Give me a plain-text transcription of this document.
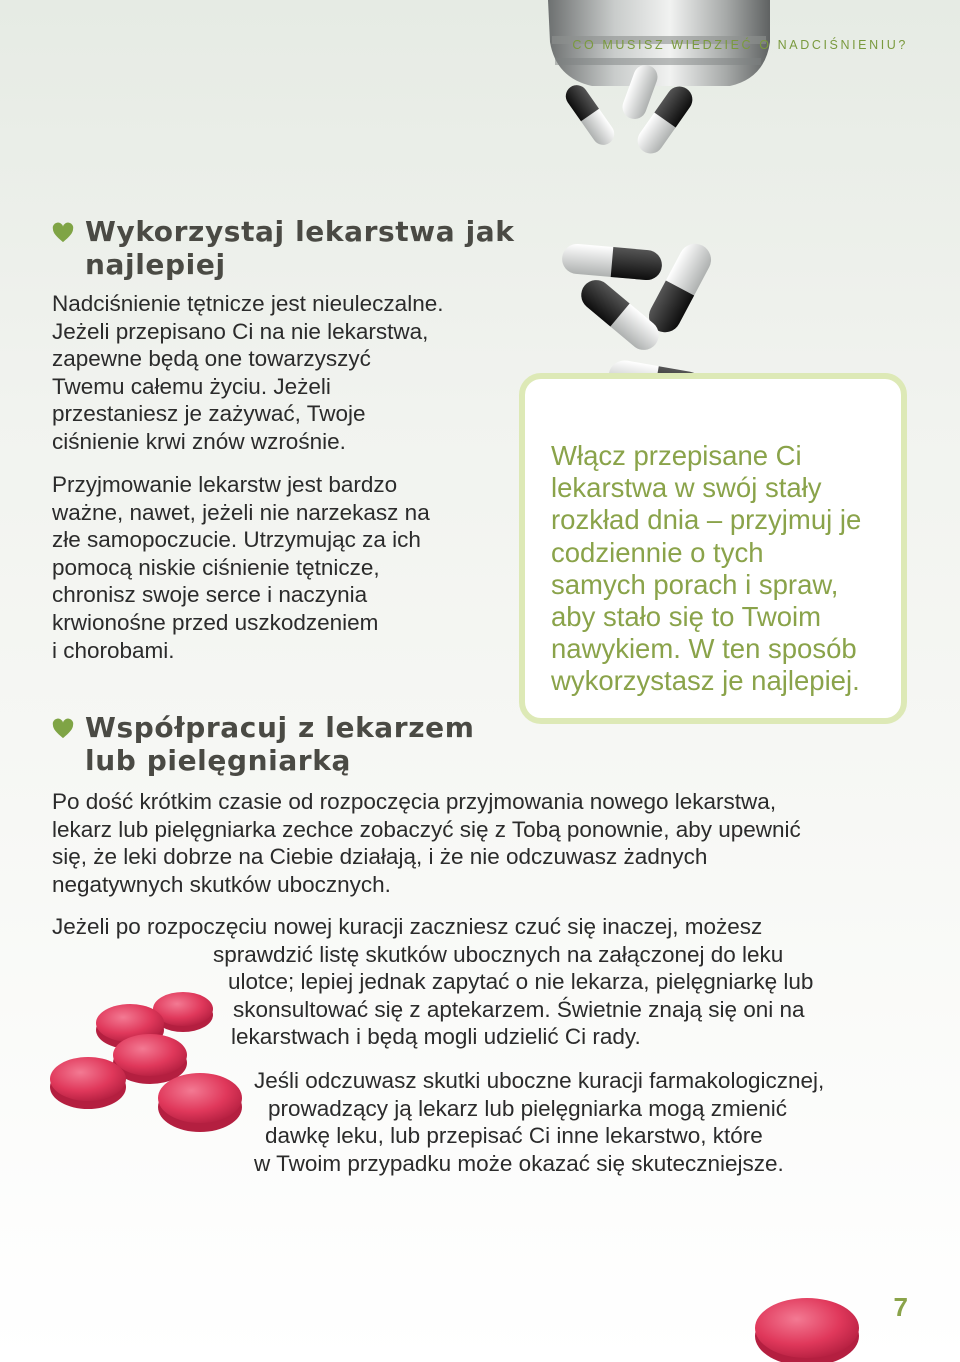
CO MUSISZ WIEDZIEĆ O NADCIŚNIENIU?
Wykorzystaj lekarstwa jak
najlepiej
Nadciśnienie tętnicze jest nieuleczalne.
Jeżeli przepisano Ci na nie lekarstwa,
zapewne będą one towarzyszyć
Twemu całemu życiu. Jeżeli
przestaniesz je zażywać, Twoje
ciśnienie krwi znów wzrośnie.
Przyjmowanie lekarstw jest bardzo
ważne, nawet, jeżeli nie narzekasz na
złe samopoczucie. Utrzymując za ich
pomocą niskie ciśnienie tętnicze,
chronisz swoje serce i naczynia
krwionośne przed uszkodzeniem
i chorobami.
Włącz przepisane Ci
lekarstwa w swój stały
rozkład dnia – przyjmuj je
codziennie o tych
samych porach i spraw,
aby stało się to Twoim
nawykiem. W ten sposób
wykorzystasz je najlepiej.
Współpracuj z lekarzem
lub pielęgniarką
Po dość krótkim czasie od rozpoczęcia przyjmowania nowego lekarstwa,
lekarz lub pielęgniarka zechce zobaczyć się z Tobą ponownie, aby upewnić
się, że leki dobrze na Ciebie działają, i że nie odczuwasz żadnych
negatywnych skutków ubocznych.
Jeżeli po rozpoczęciu nowej kuracji zaczniesz czuć się inaczej, możesz
sprawdzić listę skutków ubocznych na załączonej do leku
ulotce; lepiej jednak zapytać o nie lekarza, pielęgniarkę lub
skonsultować się z aptekarzem. Świetnie znają się oni na
lekarstwach i będą mogli udzielić Ci rady.
Jeśli odczuwasz skutki uboczne kuracji farmakologicznej,
prowadzący ją lekarz lub pielęgniarka mogą zmienić
dawkę leku, lub przepisać Ci inne lekarstwo, które
w Twoim przypadku może okazać się skuteczniejsze.
7
